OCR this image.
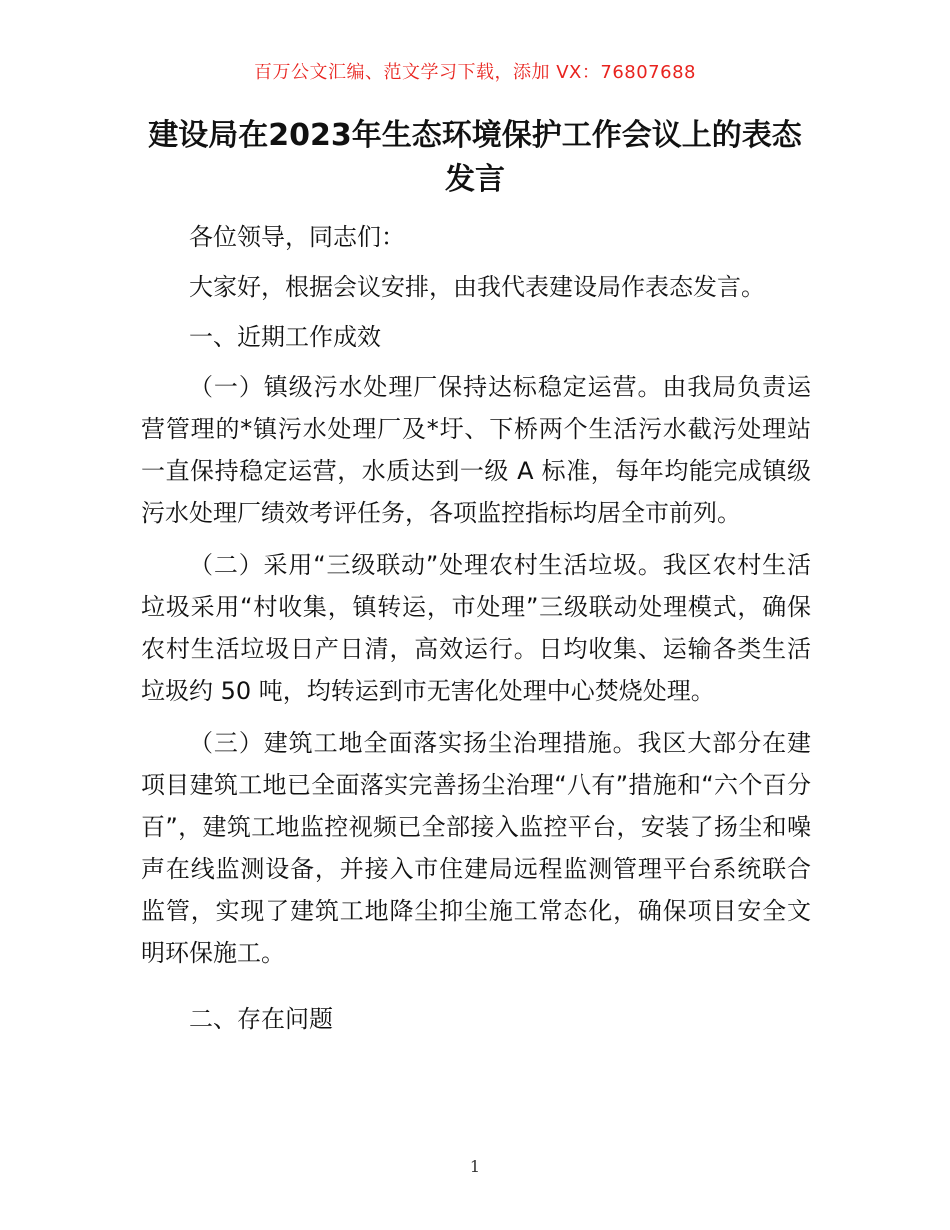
百万公文汇编、范文学习下载，添加 VX：76807688
建设局在2023年生态环境保护工作会议上的表态发言

各位领导，同志们：

大家好，根据会议安排，由我代表建设局作表态发言。

一、近期工作成效

（一）镇级污水处理厂保持达标稳定运营。由我局负责运营管理的*镇污水处理厂及*圩、下桥两个生活污水截污处理站一直保持稳定运营，水质达到一级 A 标准，每年均能完成镇级污水处理厂绩效考评任务，各项监控指标均居全市前列。

（二）采用“三级联动”处理农村生活垃圾。我区农村生活垃圾采用“村收集，镇转运，市处理”三级联动处理模式，确保农村生活垃圾日产日清，高效运行。日均收集、运输各类生活垃圾约 50 吨，均转运到市无害化处理中心焚烧处理。

（三）建筑工地全面落实扬尘治理措施。我区大部分在建项目建筑工地已全面落实完善扬尘治理“八有”措施和“六个百分百”，建筑工地监控视频已全部接入监控平台，安装了扬尘和噪声在线监测设备，并接入市住建局远程监测管理平台系统联合监管，实现了建筑工地降尘抑尘施工常态化，确保项目安全文明环保施工。

二、存在问题

1
